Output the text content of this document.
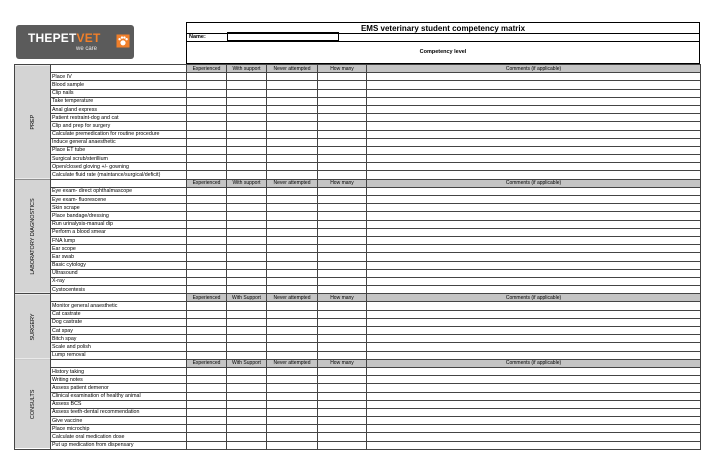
THEPETVET
we care
EMS veterinary student competency matrix
Name:
Competency level
PREP		Experienced	With support	Never attempted	How many	Comments (if applicable)
	Place IV					
	Blood sample					
	Clip nails					
	Take temperature					
	Anal gland express					
	Patient restraint-dog and cat					
	Clip and prep for surgery					
	Calculate premedication for routine procedure					
	Induce general anaesthetic					
	Place ET tube					
	Surgical scrub/sterillium					
	Open/closed gloving +/- gowning					
	Calculate fluid rate (maintance/surgical/deficit)					
LABORATORY DIAGNOSTICS		Experienced	With support	Never attempted	How many	Comments (if applicable)
	Eye exam- direct ophthalmascope					
	Eye exam- fluorescene					
	Skin scrape					
	Place bandage/dressing					
	Run urinalysis-manual dip					
	Perform a blood smear					
	FNA lump					
	Ear scope					
	Ear swab					
	Basic cytology					
	Ultrasound					
	X-ray					
	Cystocentesis					
SURGERY		Experienced	With Support	Never attempted	How many	Comments (if applicable)
	Monitor general anaesthetic					
	Cat castrate					
	Dog castrate					
	Cat spay					
	Bitch spay					
	Scale and polish					
	Lump removal					
CONSULTS		Experienced	With Support	Never attempted	How many	Comments (if applicable)
	History taking					
	Writing notes					
	Assess patient demenor					
	Clinical examination of healthy animal					
	Assess BCS					
	Assess teeth-dental recommendation					
	Give vaccine					
	Place microchip					
	Calculate oral medication dose					
	Put up medication from dispensary					
